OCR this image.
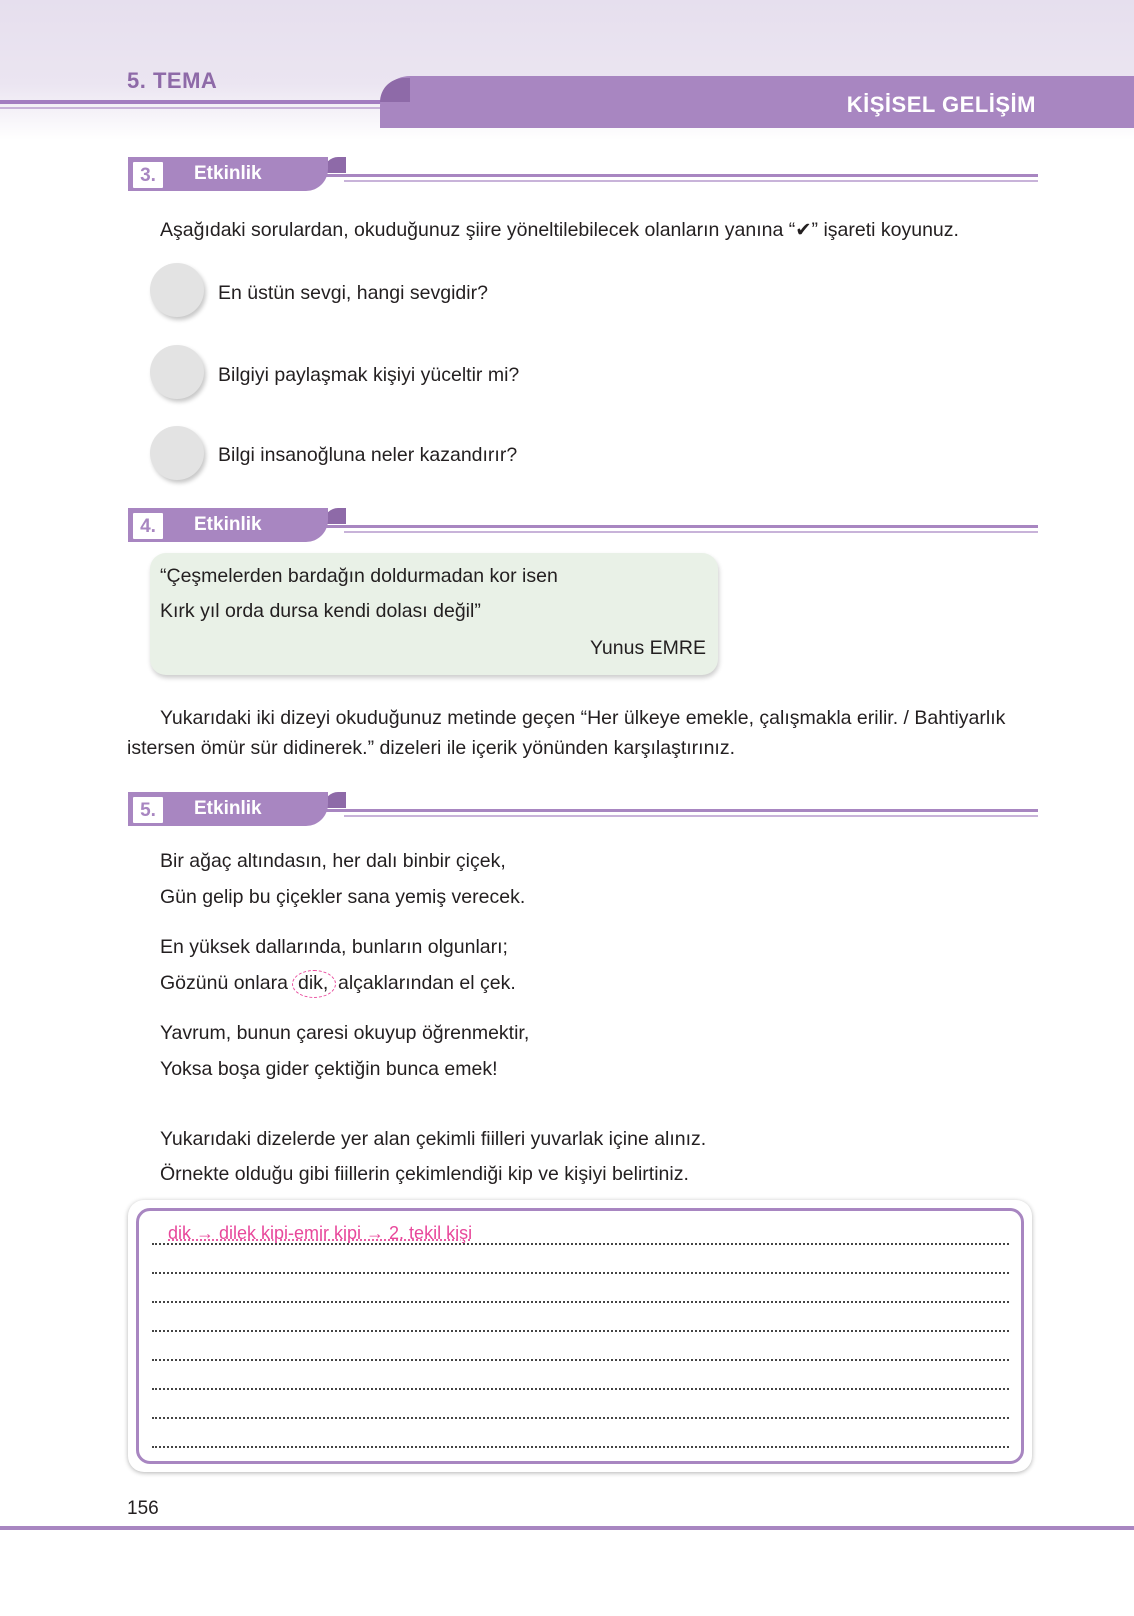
5. TEMA
KİŞİSEL GELİŞİM
3.	Etkinlik
Aşağıdaki sorulardan, okuduğunuz şiire yöneltilebilecek olanların yanına “✔” işareti koyunuz.
En üstün sevgi, hangi sevgidir?
Bilgiyi paylaşmak kişiyi yüceltir mi?
Bilgi insanoğluna neler kazandırır?
4.	Etkinlik
“Çeşmelerden bardağın doldurmadan kor isen
Kırk yıl orda dursa kendi dolası değil”
Yunus EMRE
Yukarıdaki iki dizeyi okuduğunuz metinde geçen “Her ülkeye emekle, çalışmakla erilir. / Bahtiyarlık
istersen ömür sür didinerek.” dizeleri ile içerik yönünden karşılaştırınız.
5.	Etkinlik
Bir ağaç altındasın, her dalı binbir çiçek,
Gün gelip bu çiçekler sana yemiş verecek.
En yüksek dallarında, bunların olgunları;
Gözünü onlara dik, alçaklarından el çek.
Yavrum, bunun çaresi okuyup öğrenmektir,
Yoksa boşa gider çektiğin bunca emek!
Yukarıdaki dizelerde yer alan çekimli fiilleri yuvarlak içine alınız.
Örnekte olduğu gibi fiillerin çekimlendiği kip ve kişiyi belirtiniz.
dik → dilek kipi-emir kipi → 2. tekil kişi
156
